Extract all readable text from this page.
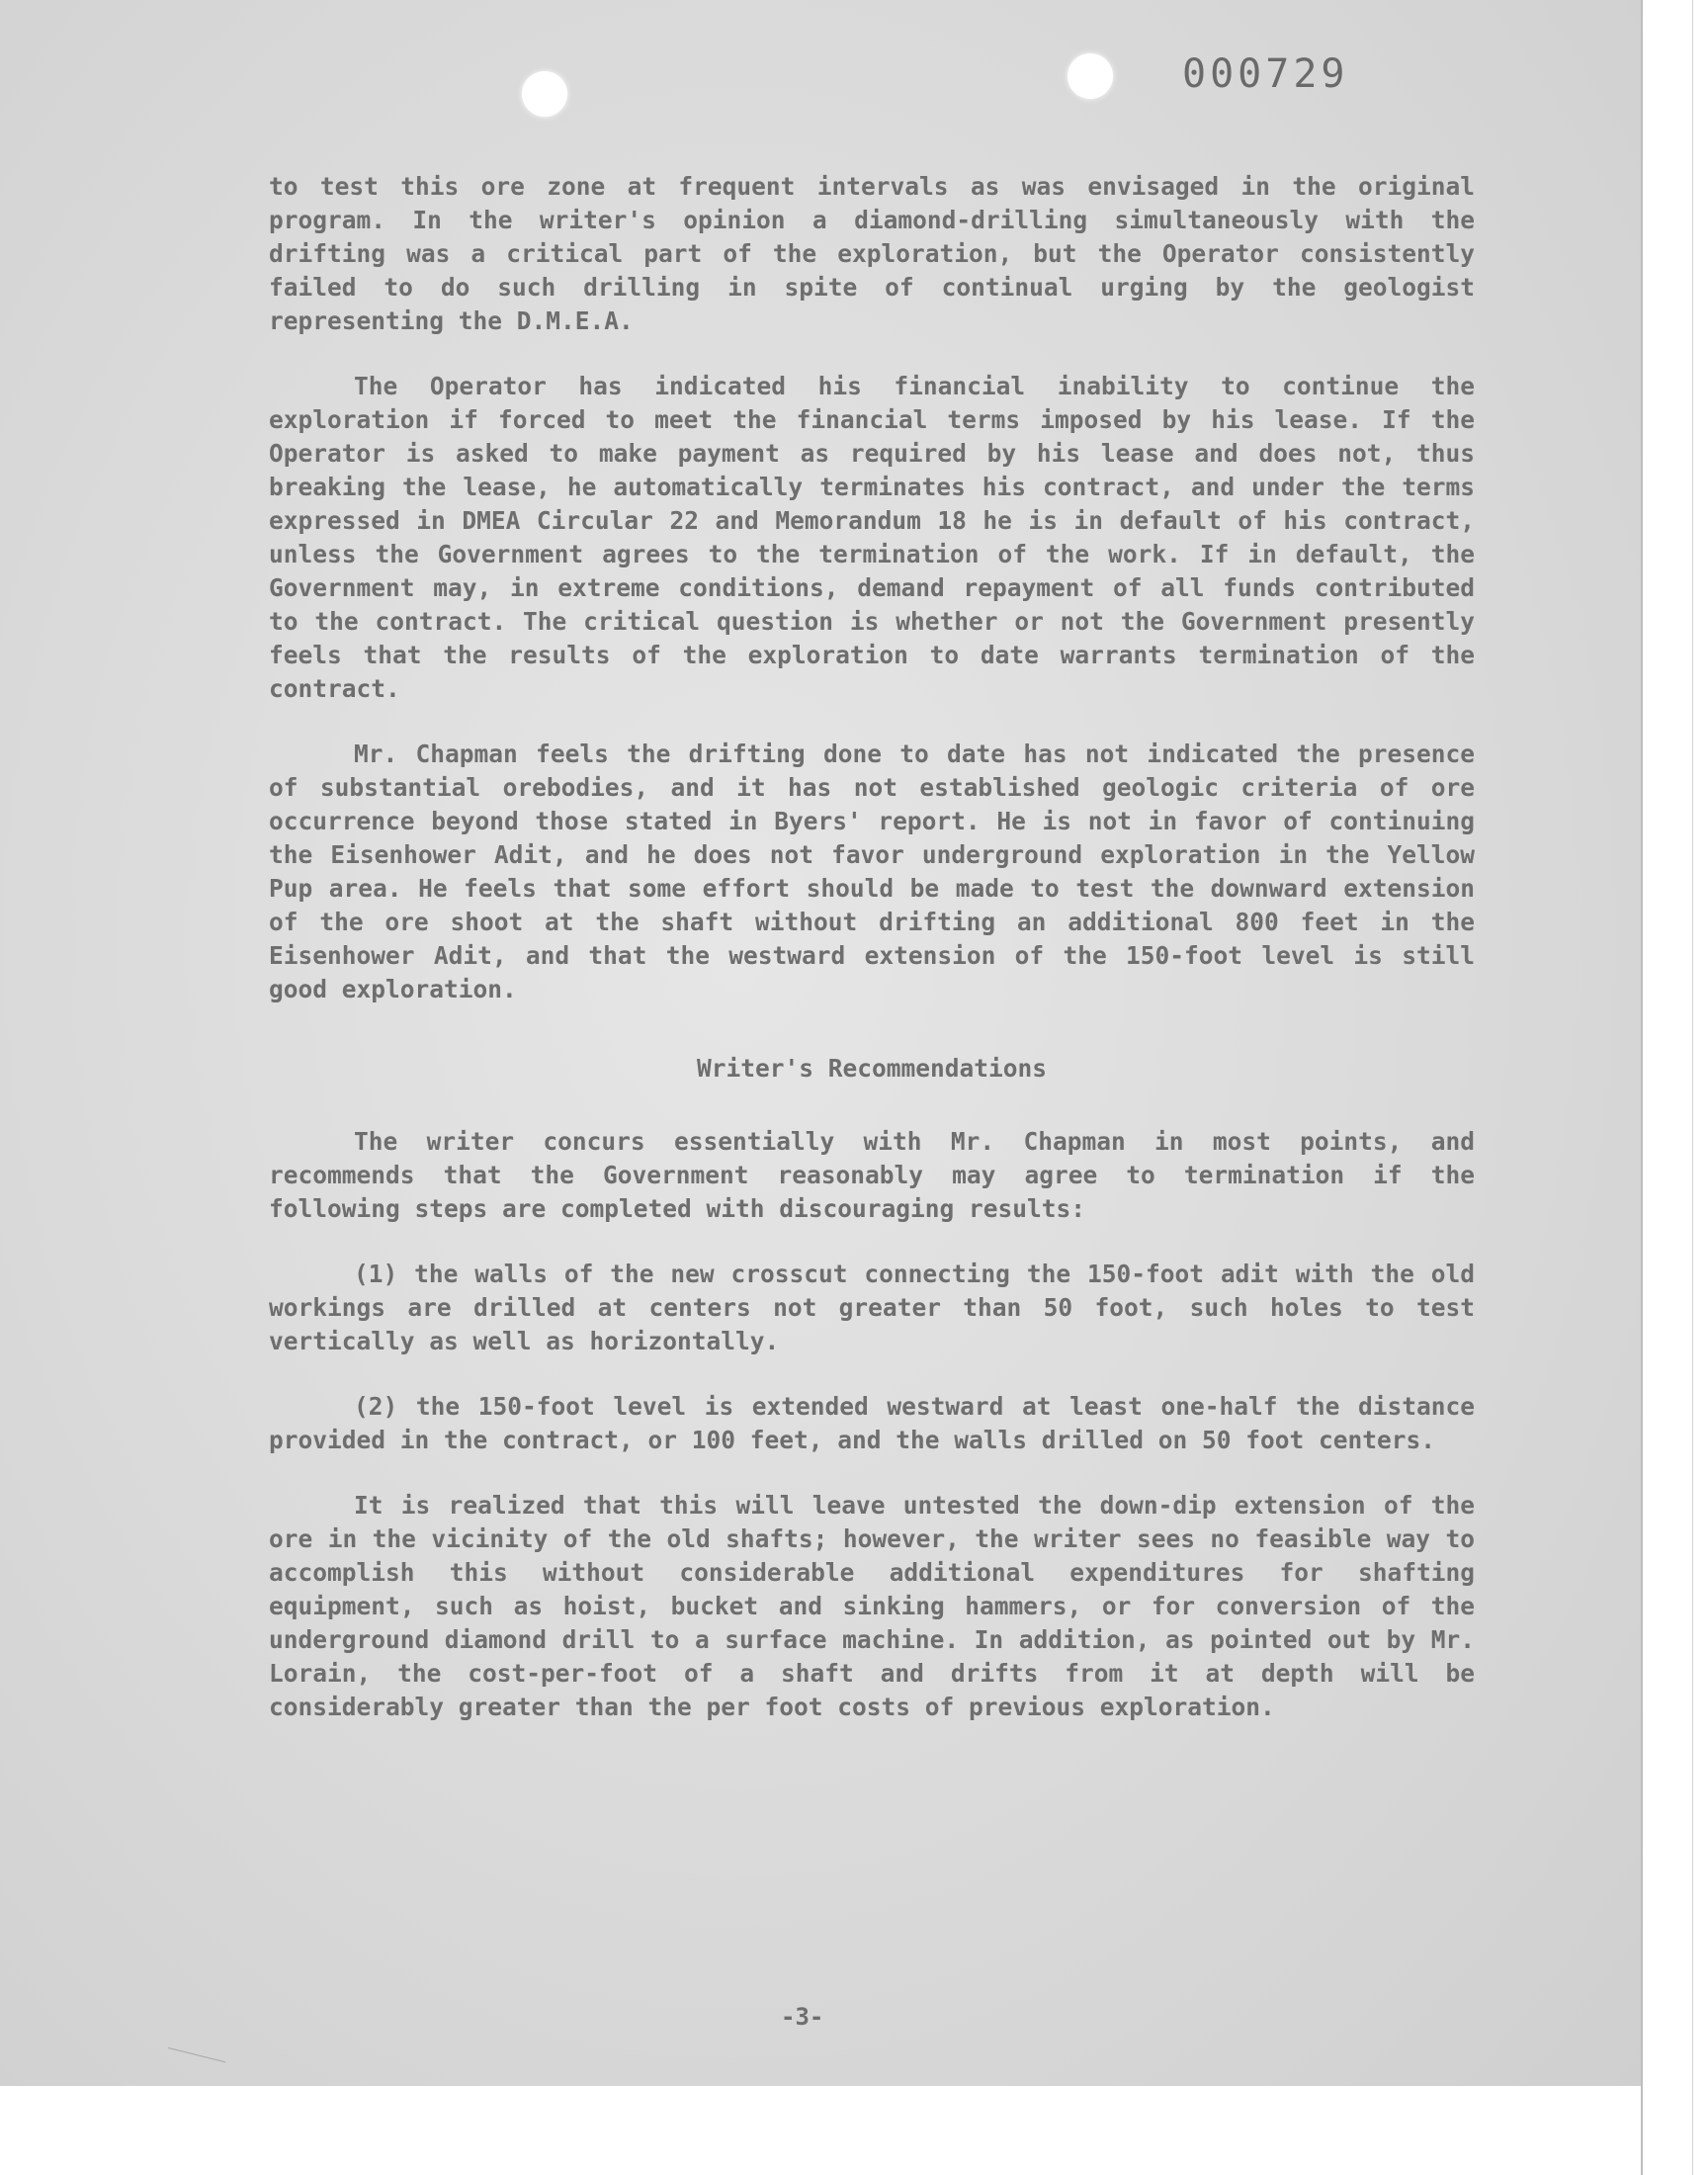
000729

to test this ore zone at frequent intervals as was envisaged in the original program. In the writer's opinion a diamond-drilling simultaneously with the drifting was a critical part of the exploration, but the Operator consistently failed to do such drilling in spite of continual urging by the geologist representing the D.M.E.A.

The Operator has indicated his financial inability to continue the exploration if forced to meet the financial terms imposed by his lease. If the Operator is asked to make payment as required by his lease and does not, thus breaking the lease, he automatically terminates his contract, and under the terms expressed in DMEA Circular 22 and Memorandum 18 he is in default of his contract, unless the Government agrees to the termination of the work. If in default, the Government may, in extreme conditions, demand repayment of all funds contributed to the contract. The critical question is whether or not the Government presently feels that the results of the exploration to date warrants termination of the contract.

Mr. Chapman feels the drifting done to date has not indicated the presence of substantial orebodies, and it has not established geologic criteria of ore occurrence beyond those stated in Byers' report. He is not in favor of continuing the Eisenhower Adit, and he does not favor underground exploration in the Yellow Pup area. He feels that some effort should be made to test the downward extension of the ore shoot at the shaft without drifting an additional 800 feet in the Eisenhower Adit, and that the westward extension of the 150-foot level is still good exploration.

Writer's Recommendations

The writer concurs essentially with Mr. Chapman in most points, and recommends that the Government reasonably may agree to termination if the following steps are completed with discouraging results:

(1) the walls of the new crosscut connecting the 150-foot adit with the old workings are drilled at centers not greater than 50 foot, such holes to test vertically as well as horizontally.

(2) the 150-foot level is extended westward at least one-half the distance provided in the contract, or 100 feet, and the walls drilled on 50 foot centers.

It is realized that this will leave untested the down-dip extension of the ore in the vicinity of the old shafts; however, the writer sees no feasible way to accomplish this without considerable additional expenditures for shafting equipment, such as hoist, bucket and sinking hammers, or for conversion of the underground diamond drill to a surface machine. In addition, as pointed out by Mr. Lorain, the cost-per-foot of a shaft and drifts from it at depth will be considerably greater than the per foot costs of previous exploration.

-3-
